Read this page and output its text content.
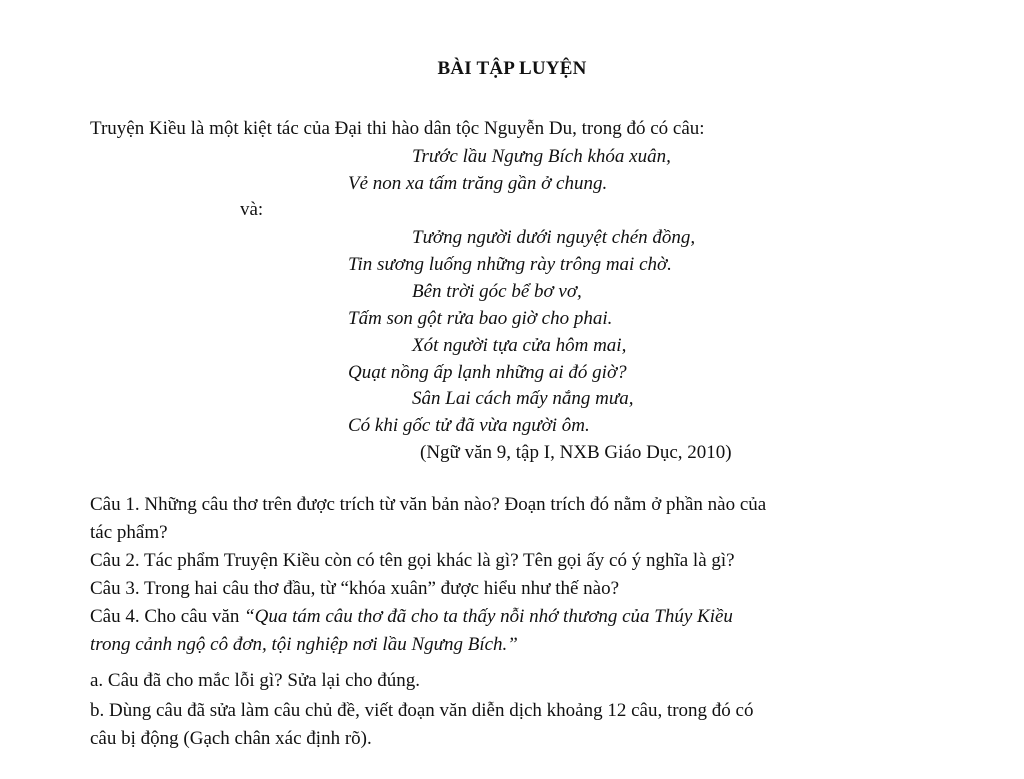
BÀI TẬP LUYỆN
Truyện Kiều là một kiệt tác của Đại thi hào dân tộc Nguyễn Du, trong đó có câu:
Trước lầu Ngưng Bích khóa xuân,
Vẻ non xa tấm trăng gần ở chung.
và:
Tưởng người dưới nguyệt chén đồng,
Tin sương luống những rày trông mai chờ.
Bên trời góc bể bơ vơ,
Tấm son gột rửa bao giờ cho phai.
Xót người tựa cửa hôm mai,
Quạt nồng ấp lạnh những ai đó giờ?
Sân Lai cách mấy nắng mưa,
Có khi gốc tử đã vừa người ôm.
(Ngữ văn 9, tập I, NXB Giáo Dục, 2010)
Câu 1. Những câu thơ trên được trích từ văn bản nào? Đoạn trích đó nằm ở phần nào của
tác phẩm?
Câu 2. Tác phẩm Truyện Kiều còn có tên gọi khác là gì? Tên gọi ấy có ý nghĩa là gì?
Câu 3. Trong hai câu thơ đầu, từ “khóa xuân” được hiểu như thế nào?
Câu 4. Cho câu văn “Qua tám câu thơ đã cho ta thấy nỗi nhớ thương của Thúy Kiều
trong cảnh ngộ cô đơn, tội nghiệp nơi lầu Ngưng Bích.”
a. Câu đã cho mắc lỗi gì? Sửa lại cho đúng.
b. Dùng câu đã sửa làm câu chủ đề, viết đoạn văn diễn dịch khoảng 12 câu, trong đó có
câu bị động (Gạch chân xác định rõ).
